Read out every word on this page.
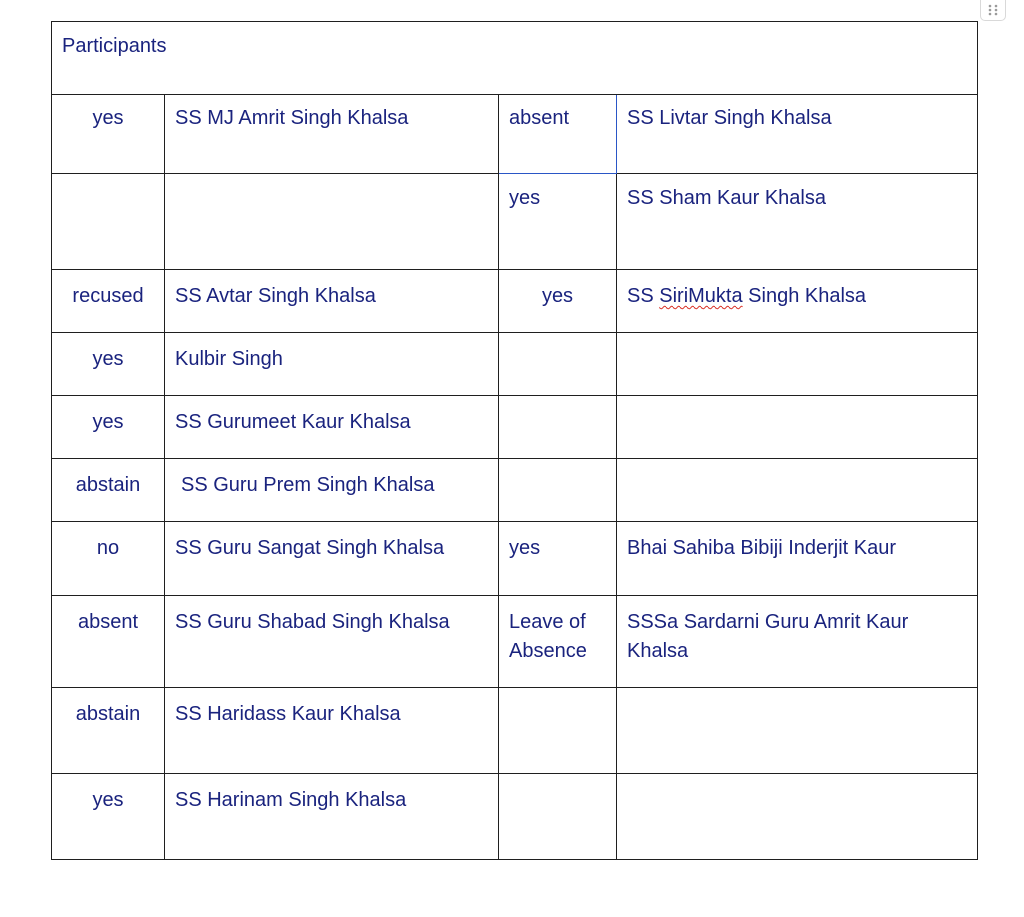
Participants			
yes	SS MJ Amrit Singh Khalsa	absent	SS Livtar Singh Khalsa
		yes	SS Sham Kaur Khalsa
recused	SS Avtar Singh Khalsa	yes	SS SiriMukta Singh Khalsa
yes	Kulbir Singh		
yes	SS Gurumeet Kaur Khalsa		
abstain	SS Guru Prem Singh Khalsa		
no	SS Guru Sangat Singh Khalsa	yes	Bhai Sahiba Bibiji Inderjit Kaur
absent	SS Guru Shabad Singh Khalsa	Leave of Absence	SSSa Sardarni Guru Amrit Kaur Khalsa
abstain	SS Haridass Kaur Khalsa		
yes	SS Harinam Singh Khalsa		
